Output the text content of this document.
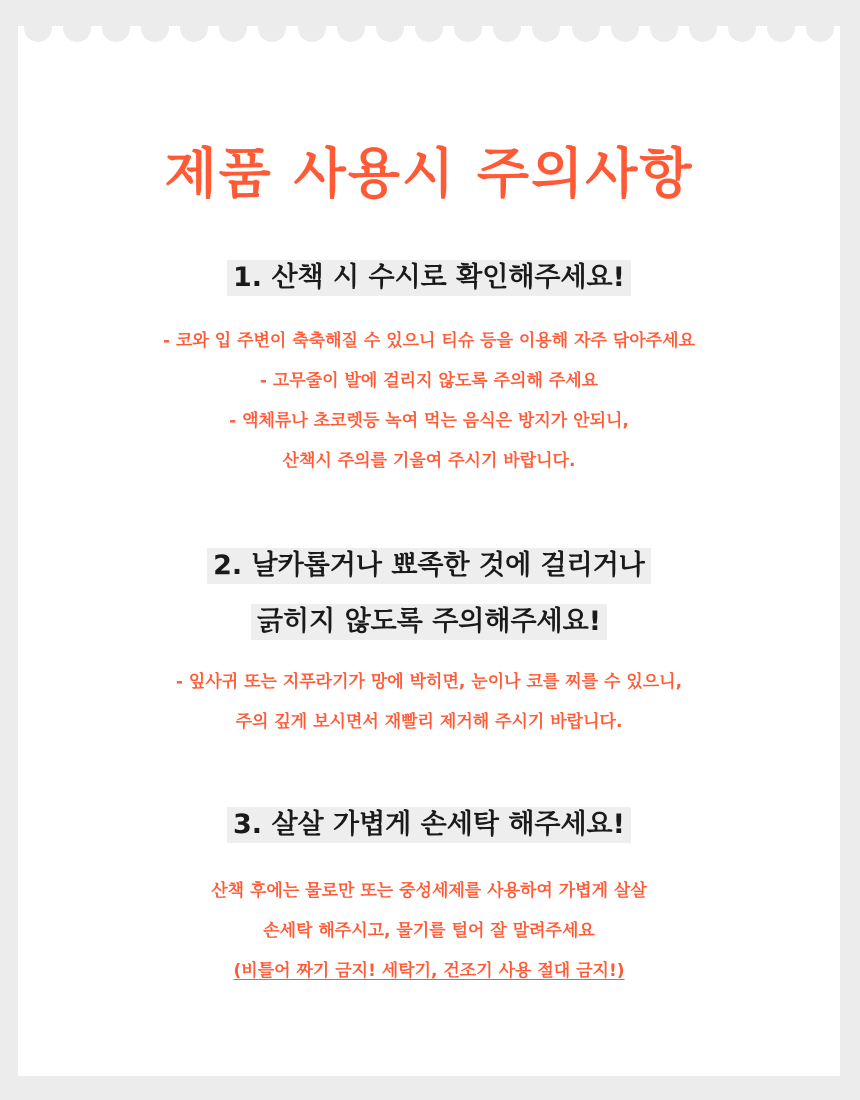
제품 사용시 주의사항
1. 산책 시 수시로 확인해주세요!

- 코와 입 주변이 축축해질 수 있으니 티슈 등을 이용해 자주 닦아주세요

- 고무줄이 발에 걸리지 않도록 주의해 주세요

- 액체류나 초코렛등 녹여 먹는 음식은 방지가 안되니,

산책시 주의를 기울여 주시기 바랍니다.

2. 날카롭거나 뾰족한 것에 걸리거나
긁히지 않도록 주의해주세요!

- 잎사귀 또는 지푸라기가 망에 박히면, 눈이나 코를 찌를 수 있으니,

주의 깊게 보시면서 재빨리 제거해 주시기 바랍니다.

3. 살살 가볍게 손세탁 해주세요!

산책 후에는 물로만 또는 중성세제를 사용하여 가볍게 살살

손세탁 해주시고, 물기를 털어 잘 말려주세요

(비틀어 짜기 금지! 세탁기, 건조기 사용 절대 금지!)
